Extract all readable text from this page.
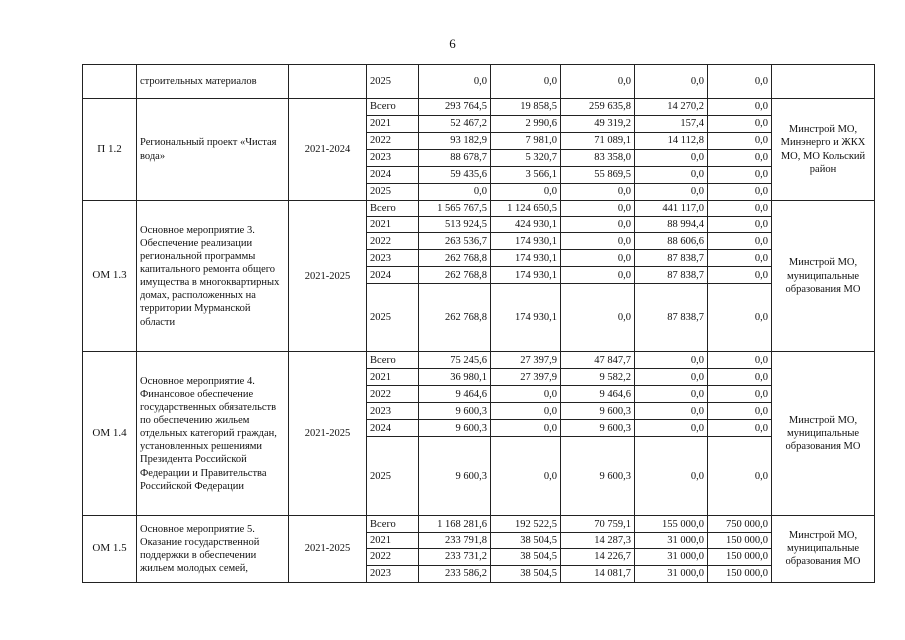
6
	строительных материалов		2025	0,0	0,0	0,0	0,0	0,0	
П 1.2	Региональный проект «Чистая вода»	2021-2024	Всего	293 764,5	19 858,5	259 635,8	14 270,2	0,0	Минстрой МО, Минэнерго и ЖКХ МО, МО Кольский район
			2021	52 467,2	2 990,6	49 319,2	157,4	0,0	
			2022	93 182,9	7 981,0	71 089,1	14 112,8	0,0	
			2023	88 678,7	5 320,7	83 358,0	0,0	0,0	
			2024	59 435,6	3 566,1	55 869,5	0,0	0,0	
			2025	0,0	0,0	0,0	0,0	0,0	
ОМ 1.3	Основное мероприятие 3. Обеспечение реализации региональной программы капитального ремонта общего имущества в многоквартирных домах, расположенных на территории Мурманской области	2021-2025	Всего	1 565 767,5	1 124 650,5	0,0	441 117,0	0,0	Минстрой МО, муниципальные образования МО
			2021	513 924,5	424 930,1	0,0	88 994,4	0,0	
			2022	263 536,7	174 930,1	0,0	88 606,6	0,0	
			2023	262 768,8	174 930,1	0,0	87 838,7	0,0	
			2024	262 768,8	174 930,1	0,0	87 838,7	0,0	
			2025	262 768,8	174 930,1	0,0	87 838,7	0,0	
ОМ 1.4	Основное мероприятие 4. Финансовое обеспечение государственных обязательств по обеспечению жильем отдельных категорий граждан, установленных решениями Президента Российской Федерации и Правительства Российской Федерации	2021-2025	Всего	75 245,6	27 397,9	47 847,7	0,0	0,0	Минстрой МО, муниципальные образования МО
			2021	36 980,1	27 397,9	9 582,2	0,0	0,0	
			2022	9 464,6	0,0	9 464,6	0,0	0,0	
			2023	9 600,3	0,0	9 600,3	0,0	0,0	
			2024	9 600,3	0,0	9 600,3	0,0	0,0	
			2025	9 600,3	0,0	9 600,3	0,0	0,0	
ОМ 1.5	Основное мероприятие 5. Оказание государственной поддержки в обеспечении жильем молодых семей,	2021-2025	Всего	1 168 281,6	192 522,5	70 759,1	155 000,0	750 000,0	Минстрой МО, муниципальные образования МО
			2021	233 791,8	38 504,5	14 287,3	31 000,0	150 000,0	
			2022	233 731,2	38 504,5	14 226,7	31 000,0	150 000,0	
			2023	233 586,2	38 504,5	14 081,7	31 000,0	150 000,0	
